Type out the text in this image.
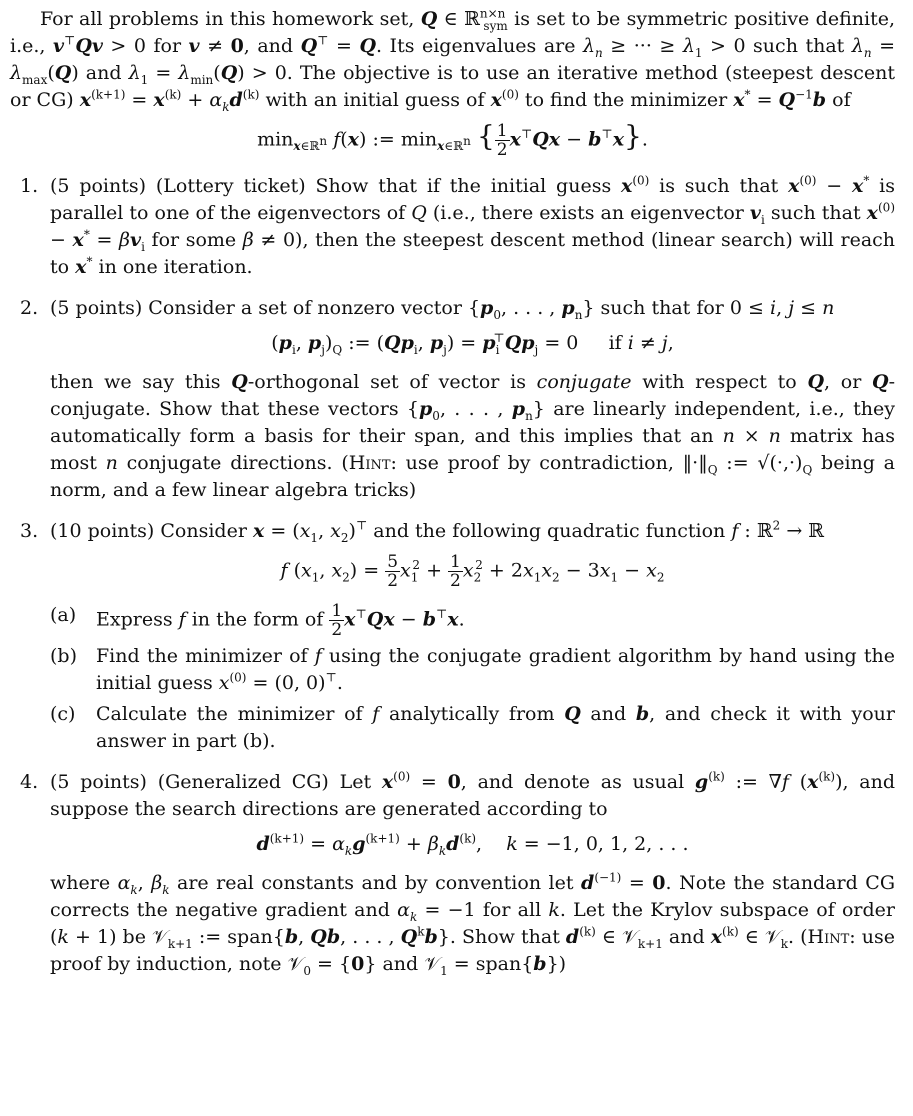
For all problems in this homework set, Q ∈ ℝ$^{n\times n}_{sym}$ is set to be symmetric positive definite, i.e., v⊤Qv > 0 for v ≠ 0, and Q⊤ = Q. Its eigenvalues are $\lambda_n$ ≥ ··· ≥ $\lambda_1 > 0$ such that $\lambda_n = \lambda_{max}(Q)$ and $\lambda_1 = \lambda_{min}(Q) > 0$. The objective is to use an iterative method (steepest descent or CG) $x^{(k+1)} = x^{(k)} + \alpha_kd^{(k)}$ with an initial guess of $x^{(0)}$ to find the minimizer $x^* = Q^{-1}b$ of

$\min_{x\in ℝ^n} f(x)$ := $\min_{x\in ℝ^n}$ { $\frac{1}{2} x^⊤Qx - b^⊤x$}.
1. (5 points) (Lottery ticket) Show that if the initial guess $x^{(0)}$ is such that $x^{(0)} - x^*$ is parallel to one of the eigenvectors of Q (i.e., there exists an eigenvector $v_i$ such that $x^{(0)} - x^* = \beta v_i$ for some β ≠ 0), then the steepest descent method (linear search) will reach to x* in one iteration.

2. (5 points) Consider a set of nonzero vector {$p_0$, . . . , $p_n$} such that for 0 ≤ i, j ≤ n

($p_i$, $p_j)_Q$ := ($Qp_i$, $p_j) = p_i^⊤Qp_j = 0$     if i ≠ j,

then we say this Q-orthogonal set of vector is conjugate with respect to Q, or Q-conjugate. Show that these vectors {$p_0$, . . . , $p_n$} are linearly independent, i.e., they automatically form a basis for their span, and this implies that an n × n matrix has most n conjugate directions. (Hint: use proof by contradiction, $‖\cdot‖_Q$ := $√(\cdot,\cdot)_Q$ being a norm, and a few linear algebra tricks)

3. (10 points) Consider $x = (x_1$, $x_2)^⊤$ and the following quadratic function f : ℝ$^2$ → ℝ

f ($x_1$, $x_2) = \frac{5}{2} x_1^2 + \frac{1}{2} x_2^2 + 2x_1x_2 - 3x_1 - x_2$
(a) Express f in the form of $\frac{1}{2} x^⊤Qx - b^⊤x$.

(b) Find the minimizer of f using the conjugate gradient algorithm by hand using the initial guess $x^{(0)} = (0$, 0)⊤.

(c) Calculate the minimizer of f analytically from Q and b, and check it with your answer in part (b).

4. (5 points) (Generalized CG) Let $x^{(0)} = 0$, and denote as usual $g^{(k)}$ := ∇f $(x^{(k)})$, and suppose the search directions are generated according to

$d^{(k+1)} = \alpha_kg^{(k+1)} + \beta_kd^{(k)}$,    k = −1, 0, 1, 2, . . .

where $\alpha_k$, $\beta_k$ are real constants and by convention let $d^{(-1)} = 0$. Note the standard CG corrects the negative gradient and $\alpha_k = -1$ for all k. Let the Krylov subspace of order (k + 1) be 𝒱$_{k+1}$ := span{b, Qb, . . . , $Q^kb$}. Show that $d^{(k)}$ ∈ 𝒱$_{k+1}$ and $x^{(k)}$ ∈ 𝒱$_k$. (Hint: use proof by induction, note 𝒱$_0$ = {0} and 𝒱$_1$ = span{b})
